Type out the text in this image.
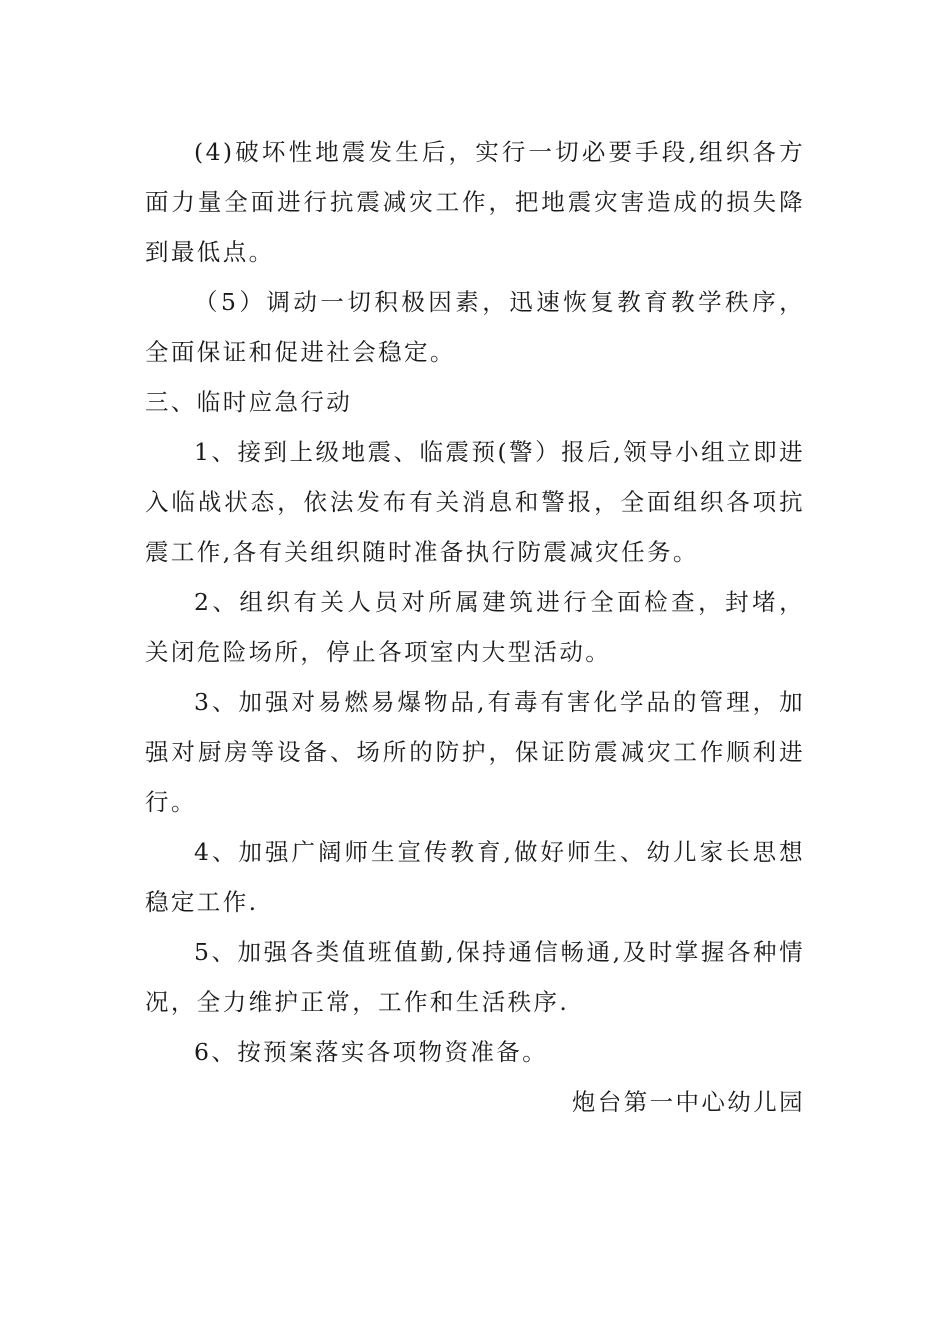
(4)破坏性地震发生后，实行一切必要手段,组织各方面力量全面进行抗震减灾工作，把地震灾害造成的损失降到最低点。

（5）调动一切积极因素，迅速恢复教育教学秩序，全面保证和促进社会稳定。

三、临时应急行动

1、接到上级地震、临震预(警）报后,领导小组立即进入临战状态，依法发布有关消息和警报，全面组织各项抗震工作,各有关组织随时准备执行防震减灾任务。

2、组织有关人员对所属建筑进行全面检查，封堵，关闭危险场所，停止各项室内大型活动。

3、加强对易燃易爆物品,有毒有害化学品的管理，加强对厨房等设备、场所的防护，保证防震减灾工作顺利进行。

4、加强广阔师生宣传教育,做好师生、幼儿家长思想稳定工作.

5、加强各类值班值勤,保持通信畅通,及时掌握各种情况，全力维护正常，工作和生活秩序.

6、按预案落实各项物资准备。

炮台第一中心幼儿园
